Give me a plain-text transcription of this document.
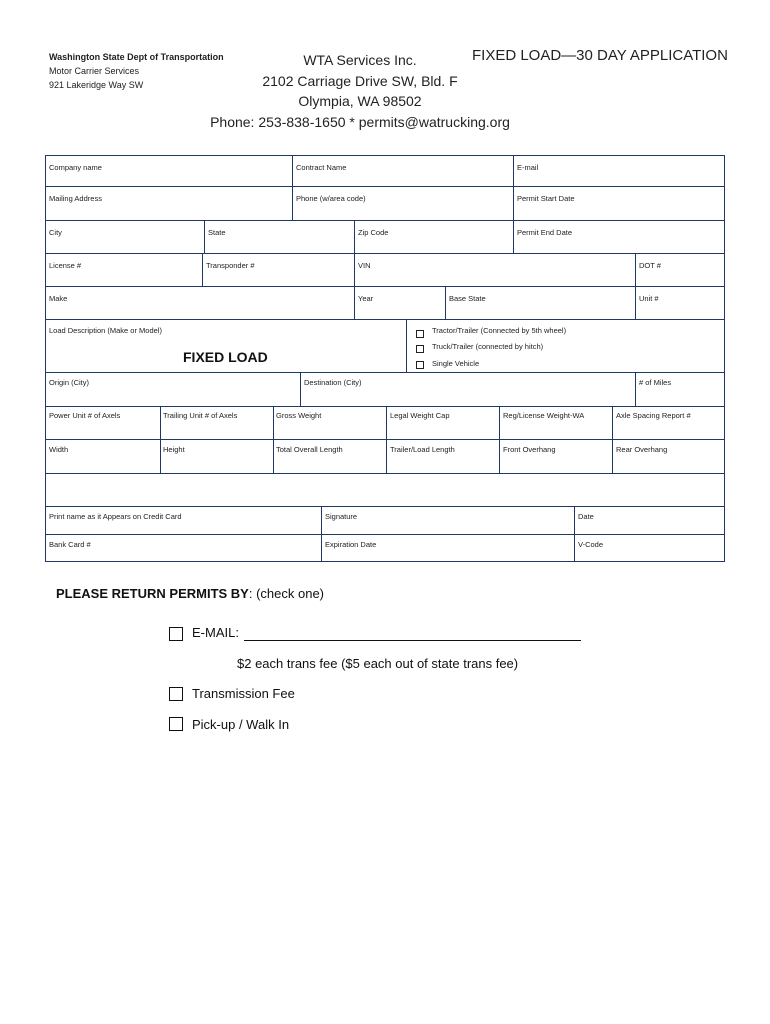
Washington State Dept of Transportation
Motor Carrier Services
921 Lakeridge Way SW
WTA Services Inc.
2102 Carriage Drive SW, Bld. F
Olympia, WA 98502
Phone: 253-838-1650 * permits@watrucking.org
FIXED LOAD—30 DAY APPLICATION
Company name	Contract Name	E-mail
Mailing Address	Phone (w/area code)	Permit Start Date
City	State	Zip Code	Permit End Date
License #	Transponder #	VIN	DOT #
Make	Year	Base State	Unit #
Load Description (Make or Model)
FIXED LOAD
Tractor/Trailer (Connected by 5th wheel)
Truck/Trailer (connected by hitch)
Single Vehicle
Origin (City)	Destination (City)	# of Miles
Power Unit # of Axels	Trailing Unit # of Axels	Gross Weight	Legal Weight Cap	Reg/License Weight-WA	Axle Spacing Report #
Width	Height	Total Overall Length	Trailer/Load Length	Front Overhang	Rear Overhang
Print name as it Appears on Credit Card	Signature	Date
Bank Card #	Expiration Date	V-Code
PLEASE RETURN PERMITS BY: (check one)
E-MAIL:
$2 each trans fee ($5 each out of state trans fee)
Transmission Fee
Pick-up / Walk In
